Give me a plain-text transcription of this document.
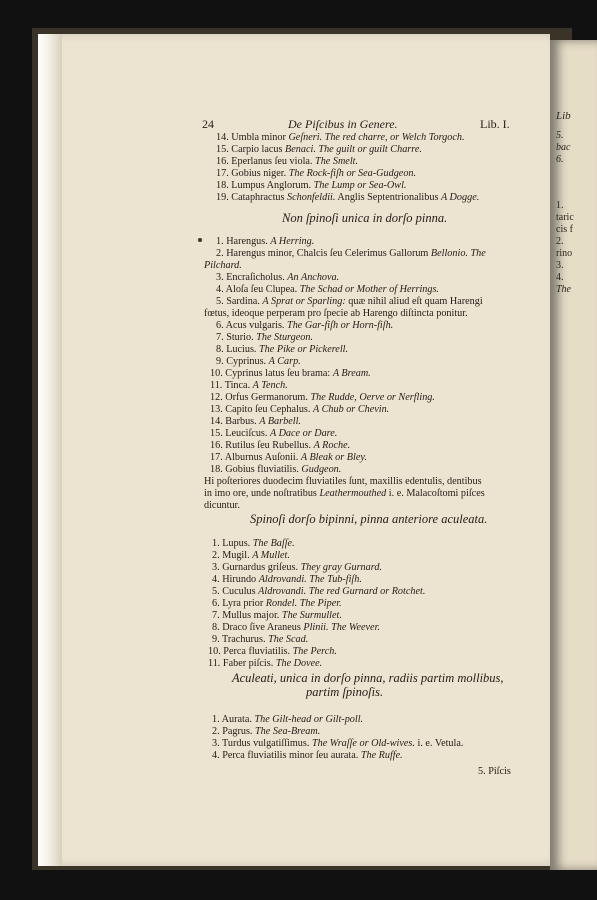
Lib
5.
bac
6.
1.
taric
cis f
2.
rino
3.
4.
The
24	De Piſcibus in Genere.	Lib. I.
14. Umbla minor Geſneri. The red charre, or Welch Torgoch.
15. Carpio lacus Benaci. The guilt or guilt Charre.
16. Eperlanus ſeu viola. The Smelt.
17. Gobius niger. The Rock-fiſh or Sea-Gudgeon.
18. Lumpus Anglorum. The Lump or Sea-Owl.
19. Cataphractus Schonfeldii. Anglis Septentrionalibus A Dogge.
Non ſpinoſi unica in dorſo pinna.
1. Harengus. A Herring.
2. Harengus minor, Chalcis ſeu Celerimus Gallorum Bellonio. The
Pilchard.
3. Encraſicholus. An Anchova.
4. Aloſa ſeu Clupea. The Schad or Mother of Herrings.
5. Sardina. A Sprat or Sparling: quæ nihil aliud eſt quam Harengi
fœtus, ideoque perperam pro ſpecie ab Harengo diſtincta ponitur.
6. Acus vulgaris. The Gar-fiſh or Horn-fiſh.
7. Sturio. The Sturgeon.
8. Lucius. The Pike or Pickerell.
9. Cyprinus. A Carp.
10. Cyprinus latus ſeu brama: A Bream.
11. Tinca. A Tench.
12. Orfus Germanorum. The Rudde, Oerve or Nerfling.
13. Capito ſeu Cephalus. A Chub or Chevin.
14. Barbus. A Barbell.
15. Leuciſcus. A Dace or Dare.
16. Rutilus ſeu Rubellus. A Roche.
17. Alburnus Auſonii. A Bleak or Bley.
18. Gobius fluviatilis. Gudgeon.
Hi poſteriores duodecim fluviatiles ſunt, maxillis edentulis, dentibus
in imo ore, unde noſtratibus Leathermouthed i. e. Malacoſtomi piſces
dicuntur.
Spinoſi dorſo bipinni, pinna anteriore aculeata.
1. Lupus. The Baſſe.
2. Mugil. A Mullet.
3. Gurnardus griſeus. They gray Gurnard.
4. Hirundo Aldrovandi. The Tub-fiſh.
5. Cuculus Aldrovandi. The red Gurnard or Rotchet.
6. Lyra prior Rondel. The Piper.
7. Mullus major. The Surmullet.
8. Draco ſive Araneus Plinii. The Weever.
9. Trachurus. The Scad.
10. Perca fluviatilis. The Perch.
11. Faber piſcis. The Dovee.
Aculeati, unica in dorſo pinna, radiis partim mollibus,
partim ſpinoſis.
1. Aurata. The Gilt-head or Gilt-poll.
2. Pagrus. The Sea-Bream.
3. Turdus vulgatiſſimus. The Wraſſe or Old-wives. i. e. Vetula.
4. Perca fluviatilis minor ſeu aurata. The Ruffe.
5. Piſcis
